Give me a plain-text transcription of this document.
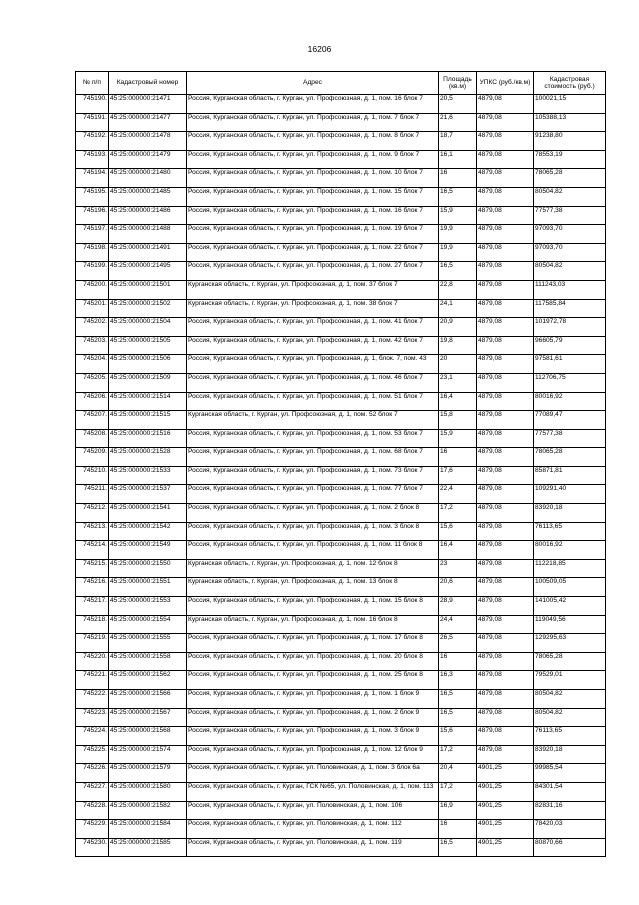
16206
№ п/п	Кадастровый номер	Адрес	Площадь (кв.м)	УПКС (руб./кв.м)	Кадастровая стоимость (руб.)
745190.	45:25:000000:21471	Россия, Курганская область, г. Курган, ул. Профсоюзная, д. 1, пом. 16 блок 7	20,5	4879,08	100021,15
745191.	45:25:000000:21477	Россия, Курганская область, г. Курган, ул. Профсоюзная, д. 1, пом. 7 блок 7	21,6	4879,08	105388,13
745192.	45:25:000000:21478	Россия, Курганская область, г. Курган, ул. Профсоюзная, д. 1, пом. 8 блок 7	18,7	4879,08	91238,80
745193.	45:25:000000:21479	Россия, Курганская область, г. Курган, ул. Профсоюзная, д. 1, пом. 9 блок 7	16,1	4879,08	78553,19
745194.	45:25:000000:21480	Россия, Курганская область, г. Курган, ул. Профсоюзная, д. 1, пом. 10 блок 7	16	4879,08	78065,28
745195.	45:25:000000:21485	Россия, Курганская область, г. Курган, ул. Профсоюзная, д. 1, пом. 15 блок 7	16,5	4879,08	80504,82
745196.	45:25:000000:21486	Россия, Курганская область, г. Курган, ул. Профсоюзная, д. 1, пом. 16 блок 7	15,9	4879,08	77577,38
745197.	45:25:000000:21488	Россия, Курганская область, г. Курган, ул. Профсоюзная, д. 1, пом. 19 блок 7	19,9	4879,08	97093,70
745198.	45:25:000000:21491	Россия, Курганская область, г. Курган, ул. Профсоюзная, д. 1, пом. 22 блок 7	19,9	4879,08	97093,70
745199.	45:25:000000:21495	Россия, Курганская область, г. Курган, ул. Профсоюзная, д. 1, пом. 27 блок 7	16,5	4879,08	80504,82
745200.	45:25:000000:21501	Курганская область, г. Курган, ул. Профсоюзная, д. 1, пом. 37 блок 7	22,8	4879,08	111243,03
745201.	45:25:000000:21502	Курганская область, г. Курган, ул. Профсоюзная, д. 1, пом. 38 блок 7	24,1	4879,08	117585,84
745202.	45:25:000000:21504	Россия, Курганская область, г. Курган, ул. Профсоюзная, д. 1, пом. 41 блок 7	20,9	4879,08	101972,78
745203.	45:25:000000:21505	Россия, Курганская область, г. Курган, ул. Профсоюзная, д. 1, пом. 42 блок 7	19,8	4879,08	96605,79
745204.	45:25:000000:21506	Россия, Курганская область, г. Курган, ул. Профсоюзная, д. 1, блок. 7, пом. 43	20	4879,08	97581,61
745205.	45:25:000000:21509	Россия, Курганская область, г. Курган, ул. Профсоюзная, д. 1, пом. 46 блок 7	23,1	4879,08	112706,75
745206.	45:25:000000:21514	Россия, Курганская область, г. Курган, ул. Профсоюзная, д. 1, пом. 51 блок 7	16,4	4879,08	80016,92
745207.	45:25:000000:21515	Курганская область, г. Курган, ул. Профсоюзная, д. 1, пом. 52 блок 7	15,8	4879,08	77089,47
745208.	45:25:000000:21516	Россия, Курганская область, г. Курган, ул. Профсоюзная, д. 1, пом. 53 блок 7	15,9	4879,08	77577,38
745209.	45:25:000000:21528	Россия, Курганская область, г. Курган, ул. Профсоюзная, д. 1, пом. 68 блок 7	16	4879,08	78065,28
745210.	45:25:000000:21533	Россия, Курганская область, г. Курган, ул. Профсоюзная, д. 1, пом. 73 блок 7	17,6	4879,08	85871,81
745211.	45:25:000000:21537	Россия, Курганская область, г. Курган, ул. Профсоюзная, д. 1, пом. 77 блок 7	22,4	4879,08	109291,40
745212.	45:25:000000:21541	Россия, Курганская область, г. Курган, ул. Профсоюзная, д. 1, пом. 2 блок 8	17,2	4879,08	83920,18
745213.	45:25:000000:21542	Россия, Курганская область, г. Курган, ул. Профсоюзная, д. 1, пом. 3 блок 8	15,6	4879,08	76113,65
745214.	45:25:000000:21549	Россия, Курганская область, г. Курган, ул. Профсоюзная, д. 1, пом. 11 блок 8	16,4	4879,08	80016,92
745215.	45:25:000000:21550	Курганская область, г. Курган, ул. Профсоюзная, д. 1, пом. 12 блок 8	23	4879,08	112218,85
745216.	45:25:000000:21551	Курганская область, г. Курган, ул. Профсоюзная, д. 1, пом. 13 блок 8	20,6	4879,08	100509,05
745217.	45:25:000000:21553	Россия, Курганская область, г. Курган, ул. Профсоюзная, д. 1, пом. 15 блок 8	28,9	4879,08	141005,42
745218.	45:25:000000:21554	Курганская область, г. Курган, ул. Профсоюзная, д. 1, пом. 16 блок 8	24,4	4879,08	119049,56
745219.	45:25:000000:21555	Россия, Курганская область, г. Курган, ул. Профсоюзная, д. 1, пом. 17 блок 8	26,5	4879,08	129295,63
745220.	45:25:000000:21558	Россия, Курганская область, г. Курган, ул. Профсоюзная, д. 1, пом. 20 блок 8	16	4879,08	78065,28
745221.	45:25:000000:21562	Россия, Курганская область, г. Курган, ул. Профсоюзная, д. 1, пом. 25 блок 8	16,3	4879,08	79529,01
745222.	45:25:000000:21566	Россия, Курганская область, г. Курган, ул. Профсоюзная, д. 1, пом. 1 блок 9	16,5	4879,08	80504,82
745223.	45:25:000000:21567	Россия, Курганская область, г. Курган, ул. Профсоюзная, д. 1, пом. 2 блок 9	16,5	4879,08	80504,82
745224.	45:25:000000:21568	Россия, Курганская область, г. Курган, ул. Профсоюзная, д. 1, пом. 3 блок 9	15,6	4879,08	76113,65
745225.	45:25:000000:21574	Россия, Курганская область, г. Курган, ул. Профсоюзная, д. 1, пом. 12 блок 9	17,2	4879,08	83920,18
745226.	45:25:000000:21579	Россия, Курганская область, г. Курган, ул. Половинская, д. 1, пом. 3 блок 6а	20,4	4901,25	99985,54
745227.	45:25:000000:21580	Россия, Курганская область, г. Курган, ГСК №65, ул. Половинская, д. 1, пом. 113	17,2	4901,25	84301,54
745228.	45:25:000000:21582	Россия, Курганская область, г. Курган, ул. Половинская, д. 1, пом. 106	16,9	4901,25	82831,16
745229.	45:25:000000:21584	Россия, Курганская область, г. Курган, ул. Половинская, д. 1, пом. 112	16	4901,25	78420,03
745230.	45:25:000000:21585	Россия, Курганская область, г. Курган, ул. Половинская, д. 1, пом. 119	16,5	4901,25	80870,66
